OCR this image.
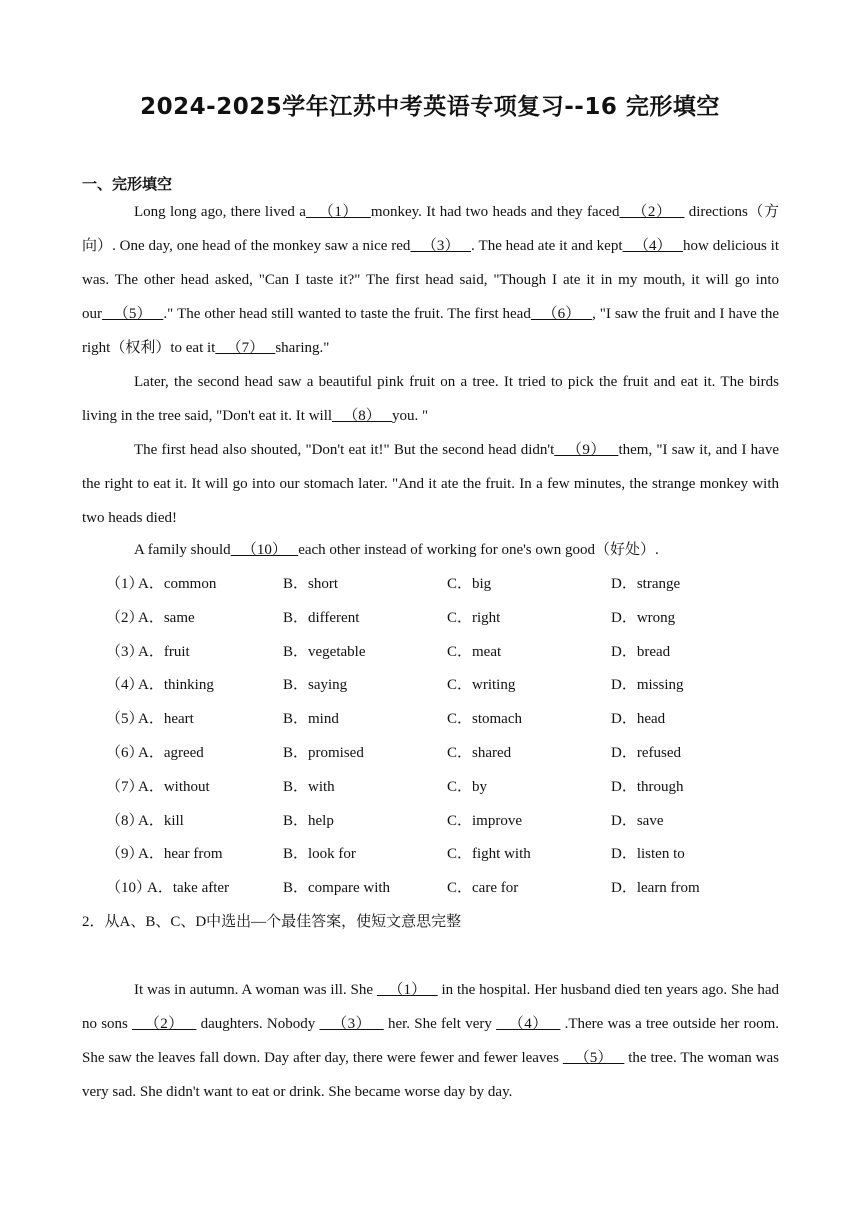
2024-2025学年江苏中考英语专项复习--16 完形填空
一、完形填空

Long long ago, there lived a   （1）   monkey. It had two heads and they faced   （2）    directions（方向）. One day, one head of the monkey saw a nice red   （3）   . The head ate it and kept   （4）   how delicious it was. The other head asked, "Can I taste it?" The first head said, "Though I ate it in my mouth, it will go into our   （5）   ." The other head still wanted to taste the fruit. The first head   （6）   , "I saw the fruit and I have the right（权利）to eat it   （7）   sharing."

Later, the second head saw a beautiful pink fruit on a tree. It tried to pick the fruit and eat it. The birds living in the tree said, "Don't eat it. It will   （8）   you. "

The first head also shouted, "Don't eat it!" But the second head didn't   （9）   them, "I saw it, and I have the right to eat it. It will go into our stomach later. "And it ate the fruit. In a few minutes, the strange monkey with two heads died!

A family should   （10）   each other instead of working for one's own good（好处）.

（1）
A．common	B．short	C．big	D．strange
（2）
A．same	B．different	C．right	D．wrong
（3）
A．fruit	B．vegetable	C．meat	D．bread
（4）
A．thinking	B．saying	C．writing	D．missing
（5）
A．heart	B．mind	C．stomach	D．head
（6）
A．agreed	B．promised	C．shared	D．refused
（7）
A．without	B．with	C．by	D．through
（8）
A．kill	B．help	C．improve	D．save
（9）
A．hear from	B．look for	C．fight with	D．listen to
（10）
A．take after	B．compare with	C．care for	D．learn from
2．从A、B、C、D中选出—个最佳答案，使短文意思完整

It was in autumn. A woman was ill. She    （1）    in the hospital. Her husband died ten years ago. She had no sons    （2）    daughters. Nobody    （3）    her. She felt very    （4）    .There was a tree outside her room. She saw the leaves fall down. Day after day, there were fewer and fewer leaves    （5）    the tree. The woman was very sad. She didn't want to eat or drink. She became worse day by day.
